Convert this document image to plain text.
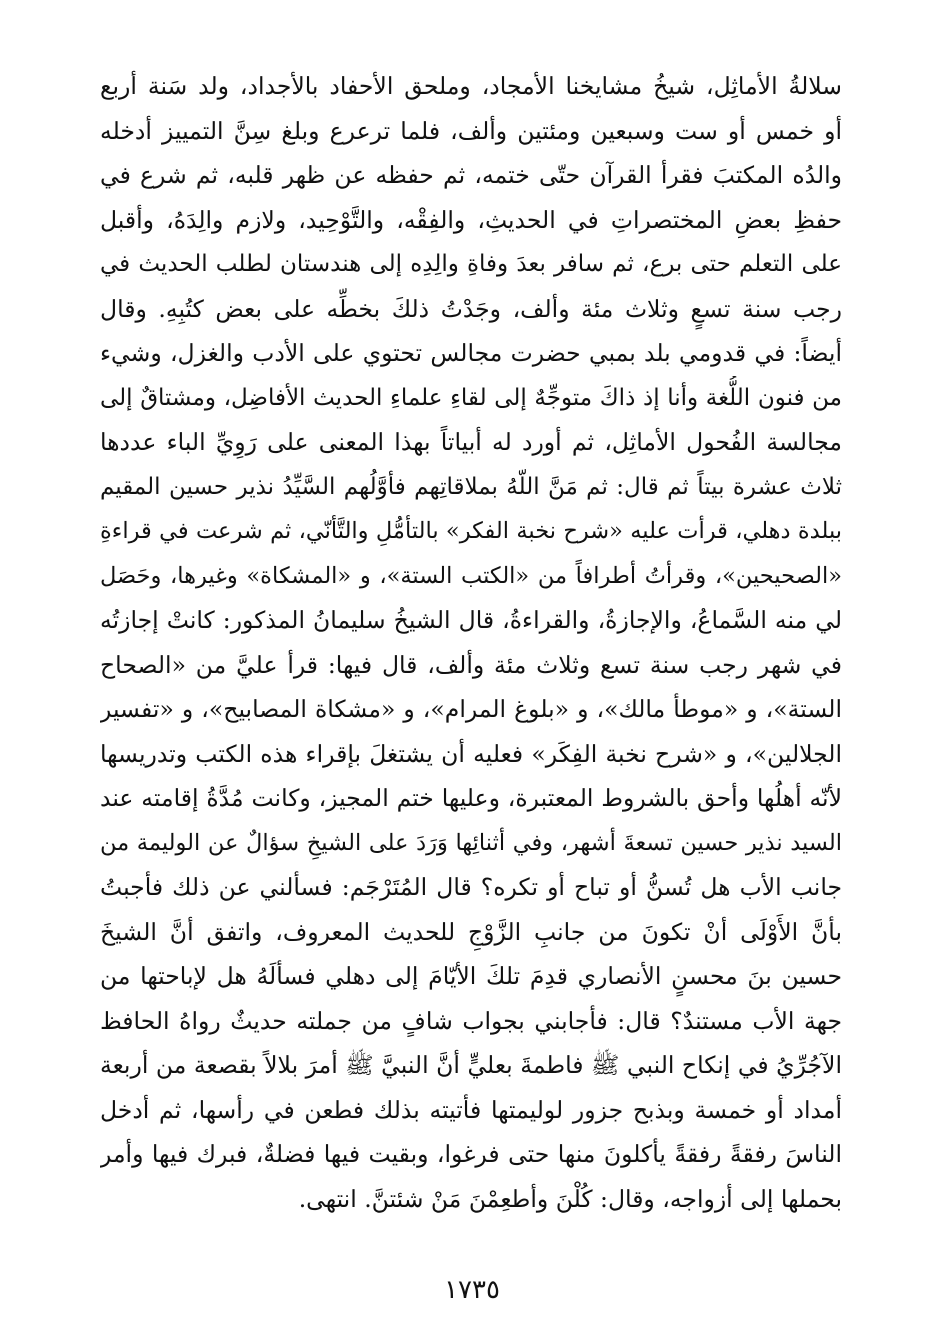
سلالةُ الأماثِل، شيخُ مشايخنا الأمجاد، وملحق الأحفاد بالأجداد، ولد سَنة أربع
أو خمس أو ست وسبعين ومئتين وألف، فلما ترعرع وبلغ سِنَّ التمييز أدخله
والدُه المكتبَ فقرأ القرآن حتّى ختمه، ثم حفظه عن ظهر قلبه، ثم شرع في
حفظِ بعضِ المختصراتِ في الحديثِ، والفِقْه، والتَّوْحِيد، ولازم والِدَهُ، وأقبل
على التعلم حتى برع، ثم سافر بعدَ وفاةِ والِدِه إلى هندستان لطلب الحديث في
رجب سنة تسعٍ وثلاث مئة وألف، وجَدْتُ ذلكَ بخطِّه على بعض كتُبِهِ. وقال
أيضاً: في قدومي بلد بمبي حضرت مجالس تحتوي على الأدب والغزل، وشيء
من فنون اللُّغة وأنا إذ ذاكَ متوجِّهٌ إلى لقاءِ علماءِ الحديث الأفاضِل، ومشتاقٌ إلى
مجالسة الفُحول الأماثِل، ثم أورد له أبياتاً بهذا المعنى على رَوِيِّ الباء عددها
ثلاث عشرة بيتاً ثم قال: ثم مَنَّ اللّهُ بملاقاتِهم فأوَّلُهم السَّيِّدُ نذير حسين المقيم
ببلدة دهلي، قرأت عليه «شرح نخبة الفكر» بالتأمُّلِ والتَّأنّي، ثم شرعت في قراءةِ
«الصحيحين»، وقرأتُ أطرافاً من «الكتب الستة»، و «المشكاة» وغيرها، وحَصَل
لي منه السَّماعُ، والإجازةُ، والقراءةُ، قال الشيخُ سليمانُ المذكور: كانتْ إجازتُه
في شهر رجب سنة تسع وثلاث مئة وألف، قال فيها: قرأ عليَّ من «الصحاح
الستة»، و «موطأ مالك»، و «بلوغ المرام»، و «مشكاة المصابيح»، و «تفسير
الجلالين»، و «شرح نخبة الفِكَر» فعليه أن يشتغلَ بإقراء هذه الكتب وتدريسها
لأنّه أهلُها وأحق بالشروط المعتبرة، وعليها ختم المجيز، وكانت مُدَّةُ إقامته عند
السيد نذير حسين تسعةَ أشهر، وفي أثنائِها وَرَدَ على الشيخِ سؤالٌ عن الوليمة من
جانب الأب هل تُسنُّ أو تباح أو تكره؟ قال المُتَرْجَم: فسألني عن ذلك فأجبتُ
بأنَّ الأَوْلَى أنْ تكونَ من جانبِ الزَّوْجِ للحديث المعروف، واتفق أنَّ الشيخَ
حسين بنَ محسنٍ الأنصاري قدِمَ تلكَ الأيّامَ إلى دهلي فسألَهُ هل لإباحتها من
جهة الأب مستندٌ؟ قال: فأجابني بجواب شافٍ من جملته حديثٌ رواهُ الحافظ
الآجُرِّيُ في إنكاح النبي ﷺ فاطمةَ بعليٍّ أنَّ النبيَّ ﷺ أمرَ بلالاً بقصعة من أربعة
أمداد أو خمسة وبذبح جزور لوليمتها فأتيته بذلك فطعن في رأسها، ثم أدخل
الناسَ رفقةً رفقةً يأكلونَ منها حتى فرغوا، وبقيت فيها فضلةٌ، فبرك فيها وأمر
بحملها إلى أزواجه، وقال: كُلْنَ وأطعِمْنَ مَنْ شئتنَّ. انتهى.
١٧٣٥
